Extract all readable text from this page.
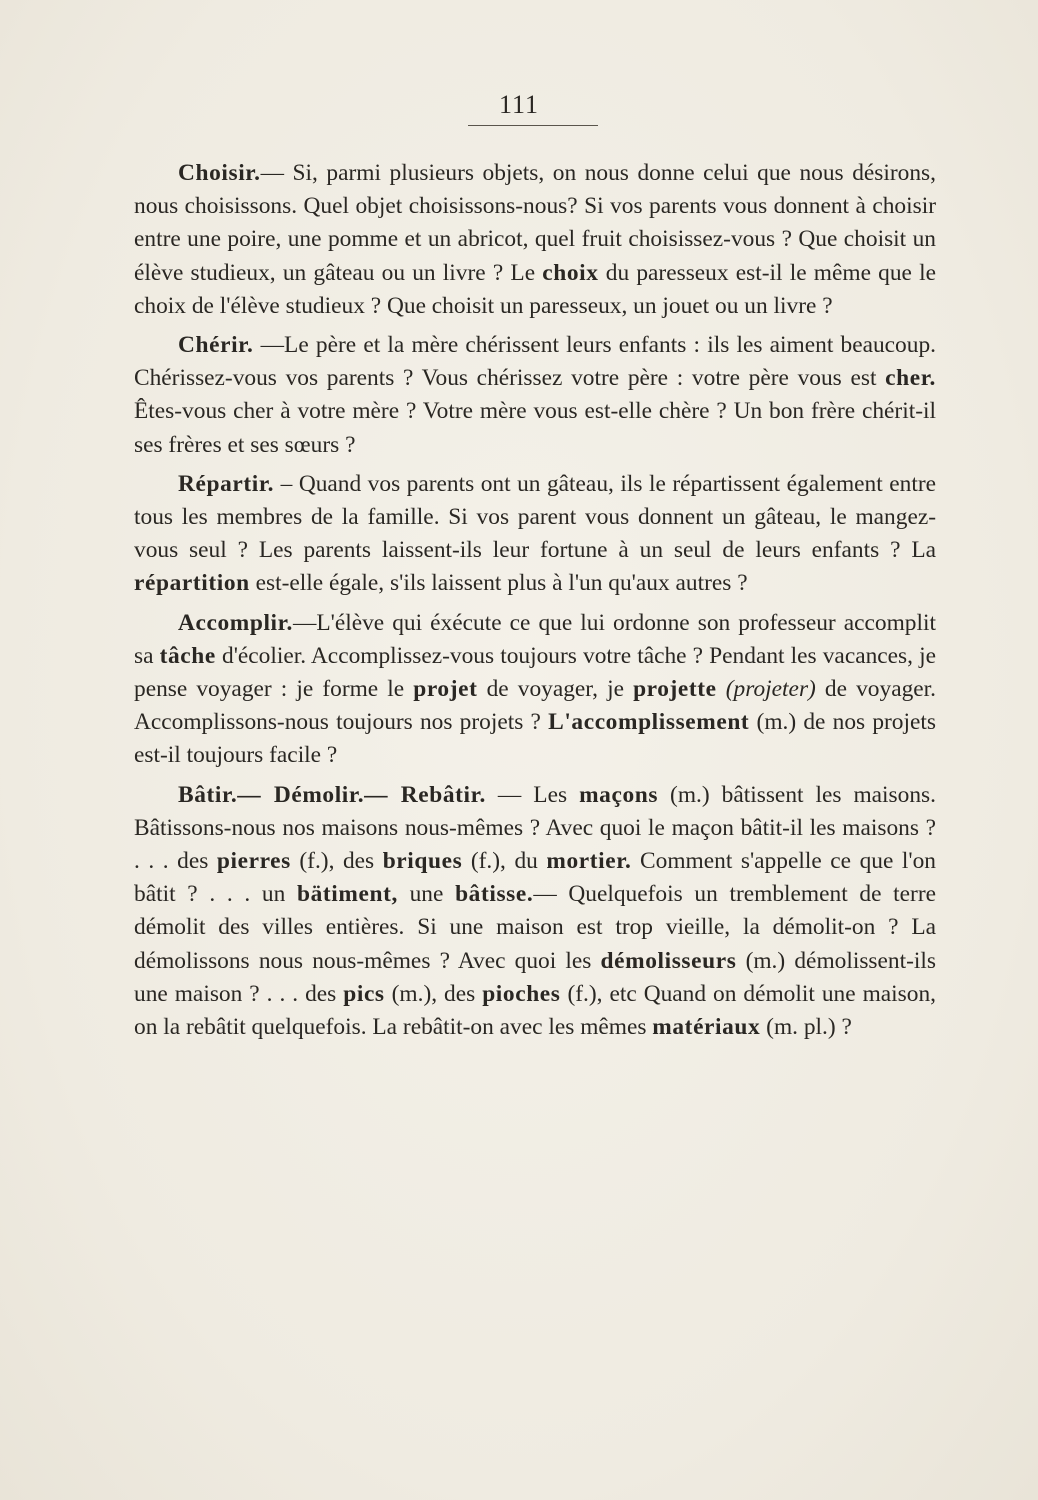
111

Choisir.— Si, parmi plusieurs objets, on nous donne celui que nous désirons, nous choisissons. Quel objet choisissons-nous? Si vos parents vous donnent à choisir entre une poire, une pomme et un abricot, quel fruit choisissez-vous ? Que choisit un élève studieux, un gâteau ou un livre ? Le choix du paresseux est-il le même que le choix de l'élève studieux ? Que choisit un paresseux, un jouet ou un livre ?

Chérir. —Le père et la mère chérissent leurs enfants : ils les aiment beaucoup. Chérissez-vous vos parents ? Vous chérissez votre père : votre père vous est cher. Êtes-vous cher à votre mère ? Votre mère vous est-elle chère ? Un bon frère chérit-il ses frères et ses sœurs ?

Répartir. – Quand vos parents ont un gâteau, ils le répartissent également entre tous les membres de la famille. Si vos parent vous donnent un gâteau, le mangez-vous seul ? Les parents laissent-ils leur fortune à un seul de leurs enfants ? La répartition est-elle égale, s'ils laissent plus à l'un qu'aux autres ?

Accomplir.—L'élève qui éxécute ce que lui ordonne son professeur accomplit sa tâche d'écolier. Accomplissez-vous toujours votre tâche ? Pendant les vacances, je pense voyager : je forme le projet de voyager, je projette (projeter) de voyager. Accomplissons-nous toujours nos projets ? L'accomplissement (m.) de nos projets est-il toujours facile ?

Bâtir.— Démolir.— Rebâtir. — Les maçons (m.) bâtissent les maisons. Bâtissons-nous nos maisons nous-mêmes ? Avec quoi le maçon bâtit-il les maisons ? . . . des pierres (f.), des briques (f.), du mortier. Comment s'appelle ce que l'on bâtit ? . . . un bätiment, une bâtisse.— Quelquefois un tremblement de terre démolit des villes entières. Si une maison est trop vieille, la démolit-on ? La démolissons nous nous-mêmes ? Avec quoi les démolisseurs (m.) démolissent-ils une maison ? . . . des pics (m.), des pioches (f.), etc Quand on démolit une maison, on la rebâtit quelquefois. La rebâtit-on avec les mêmes matériaux (m. pl.) ?
